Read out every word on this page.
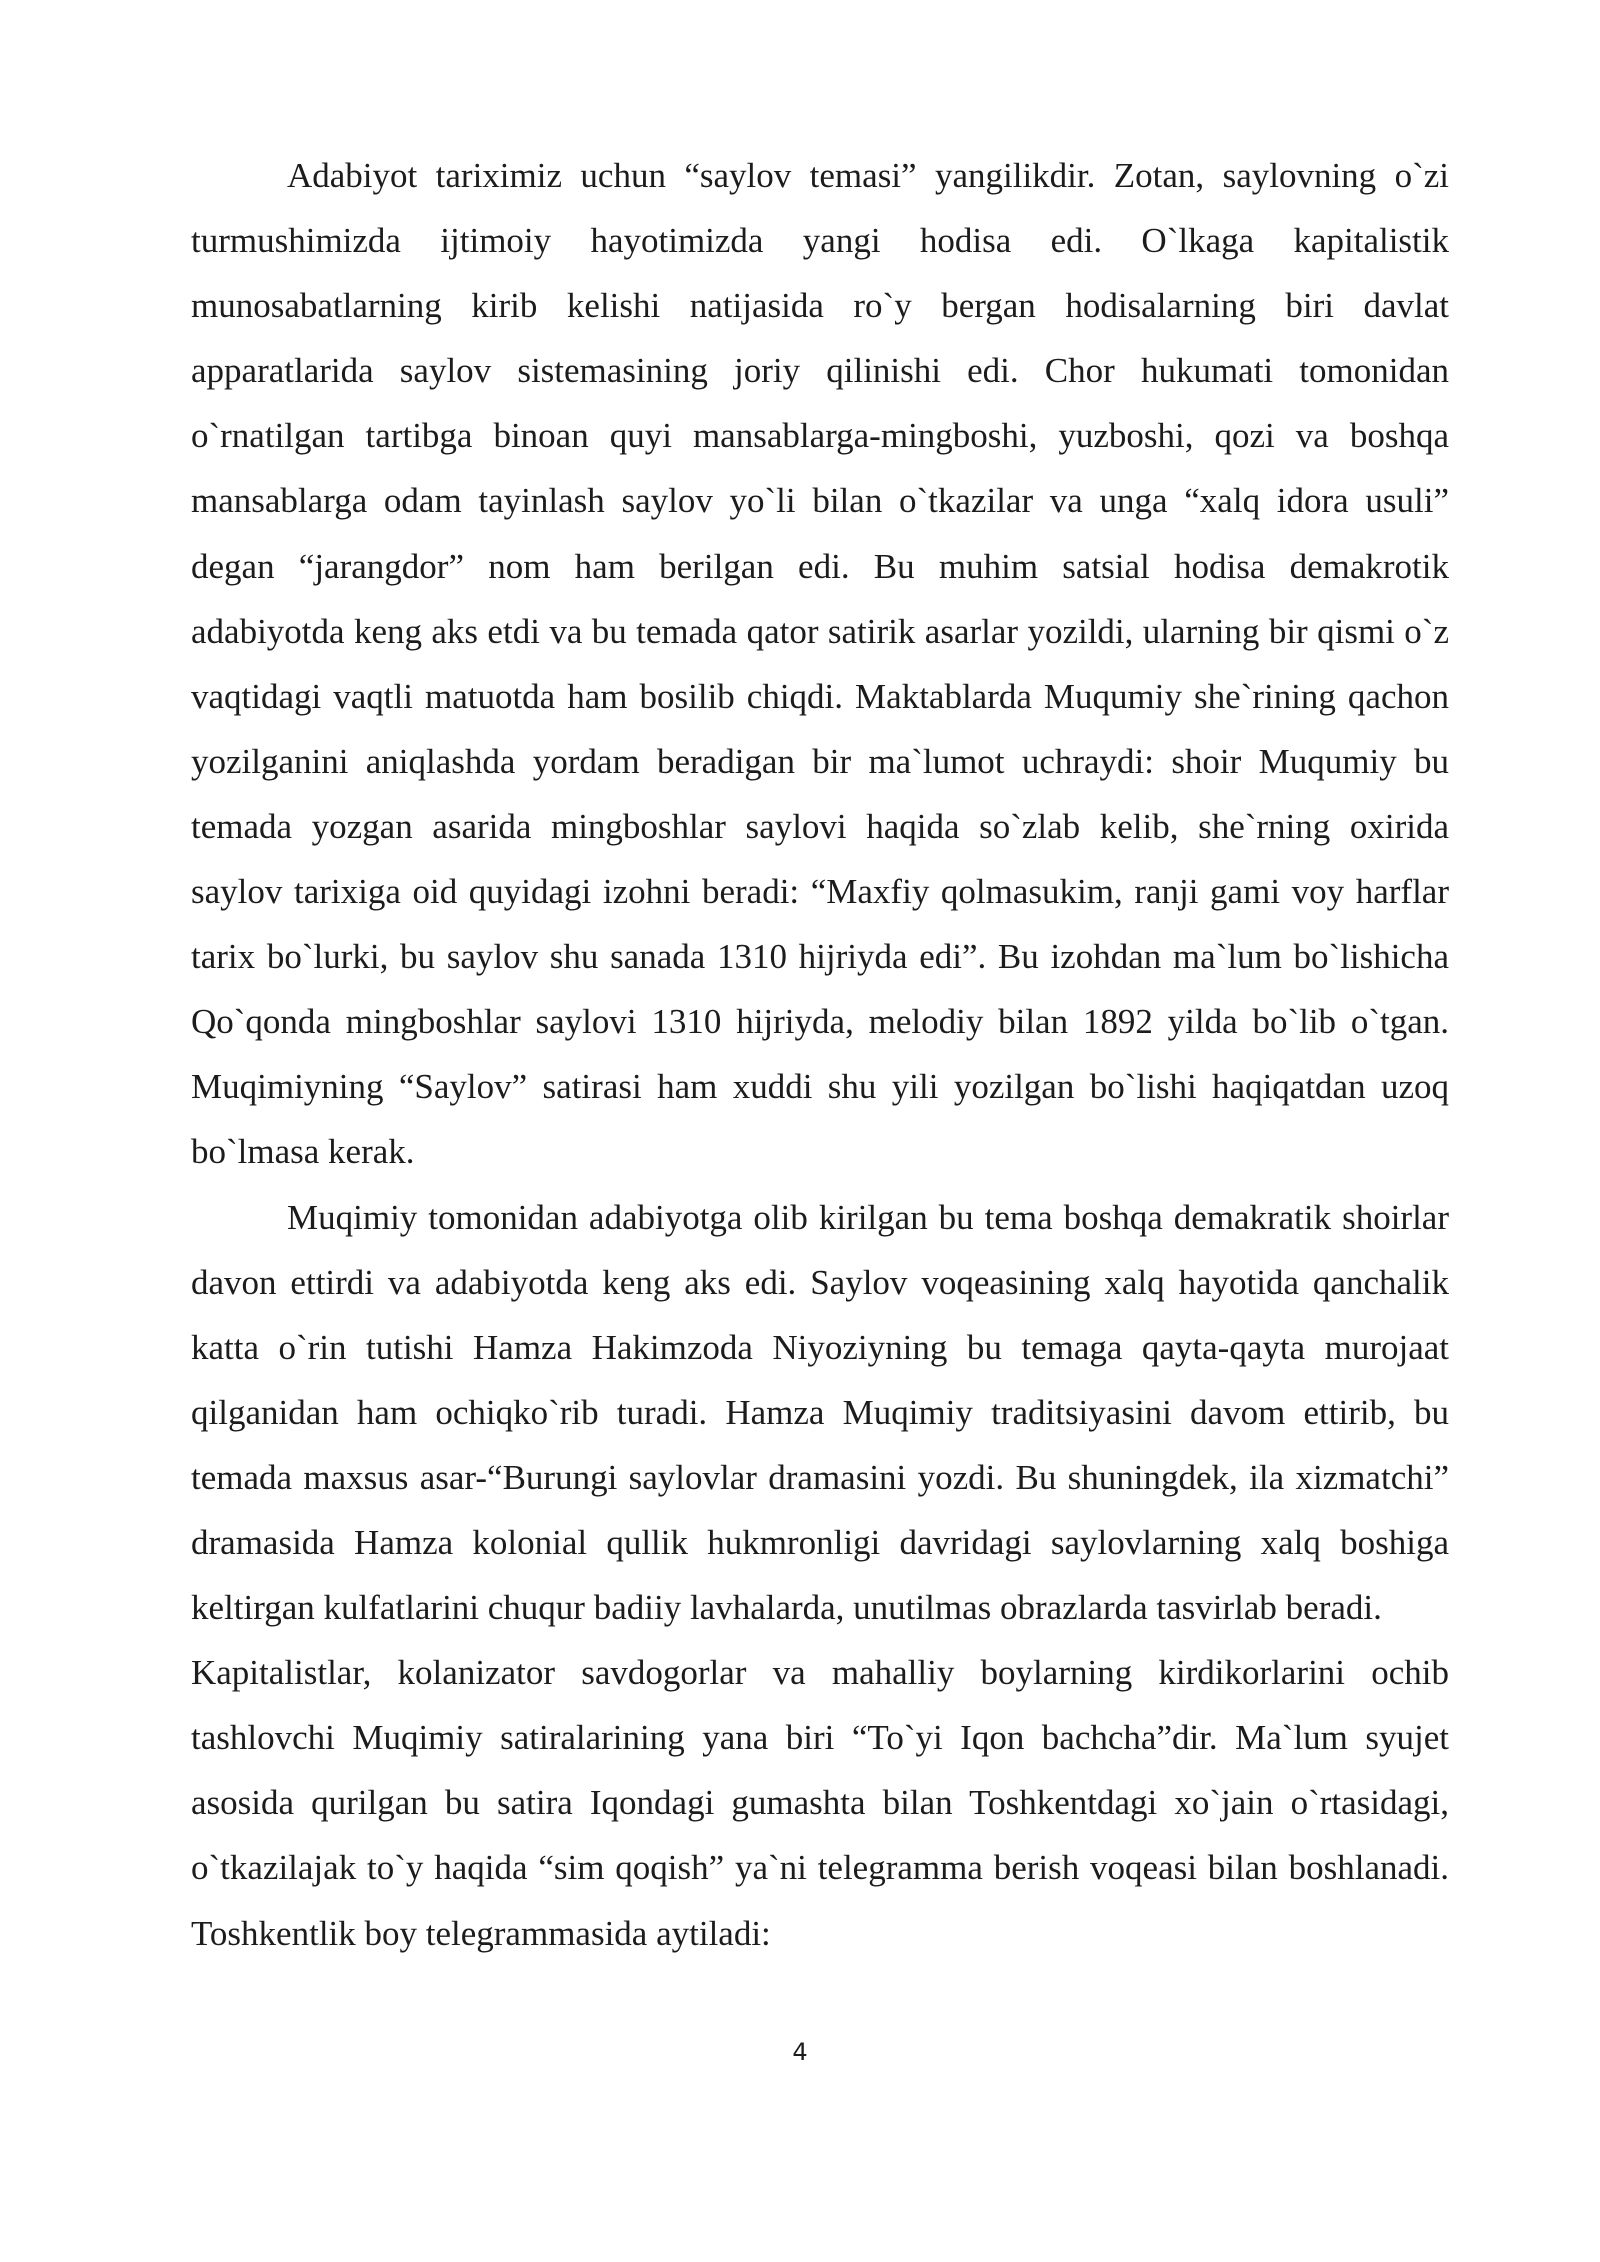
Adabiyot tariximiz uchun “saylov temasi” yangilikdir. Zotan, saylovning o`zi turmushimizda ijtimoiy hayotimizda yangi hodisa edi. O`lkaga kapitalistik munosabatlarning kirib kelishi natijasida ro`y bergan hodisalarning biri davlat apparatlarida saylov sistemasining joriy qilinishi edi. Chor hukumati tomonidan o`rnatilgan tartibga binoan quyi mansablarga-mingboshi, yuzboshi, qozi va boshqa mansablarga odam tayinlash saylov yo`li bilan o`tkazilar va unga “xalq idora usuli” degan “jarangdor” nom ham berilgan edi. Bu muhim satsial hodisa demakrotik adabiyotda keng aks etdi va bu temada qator satirik asarlar yozildi, ularning bir qismi o`z vaqtidagi vaqtli matuotda ham bosilib chiqdi. Maktablarda Muqumiy she`rining qachon yozilganini aniqlashda yordam beradigan bir ma`lumot uchraydi: shoir Muqumiy bu temada yozgan asarida mingboshlar saylovi haqida so`zlab kelib, she`rning oxirida saylov tarixiga oid quyidagi izohni beradi: “Maxfiy qolmasukim, ranji gami voy harflar tarix bo`lurki, bu saylov shu sanada 1310 hijriyda edi”. Bu izohdan ma`lum bo`lishicha Qo`qonda mingboshlar saylovi 1310 hijriyda, melodiy bilan 1892 yilda bo`lib o`tgan. Muqimiyning “Saylov” satirasi ham xuddi shu yili yozilgan bo`lishi haqiqatdan uzoq bo`lmasa kerak.

Muqimiy tomonidan adabiyotga olib kirilgan bu tema boshqa demakratik shoirlar davon ettirdi va adabiyotda keng aks edi. Saylov voqeasining xalq hayotida qanchalik katta o`rin tutishi Hamza Hakimzoda Niyoziyning bu temaga qayta-qayta murojaat qilganidan ham ochiqko`rib turadi. Hamza Muqimiy traditsiyasini davom ettirib, bu temada maxsus asar-“Burungi saylovlar dramasini yozdi. Bu shuningdek, ila xizmatchi” dramasida Hamza kolonial qullik hukmronligi davridagi saylovlarning xalq boshiga keltirgan kulfatlarini chuqur badiiy lavhalarda, unutilmas obrazlarda tasvirlab beradi.

Kapitalistlar, kolanizator savdogorlar va mahalliy boylarning kirdikorlarini ochib tashlovchi Muqimiy satiralarining yana biri “To`yi Iqon bachcha”dir. Ma`lum syujet asosida qurilgan bu satira Iqondagi gumashta bilan Toshkentdagi xo`jain o`rtasidagi, o`tkazilajak to`y haqida “sim qoqish” ya`ni telegramma berish voqeasi bilan boshlanadi. Toshkentlik boy telegrammasida aytiladi:

4
